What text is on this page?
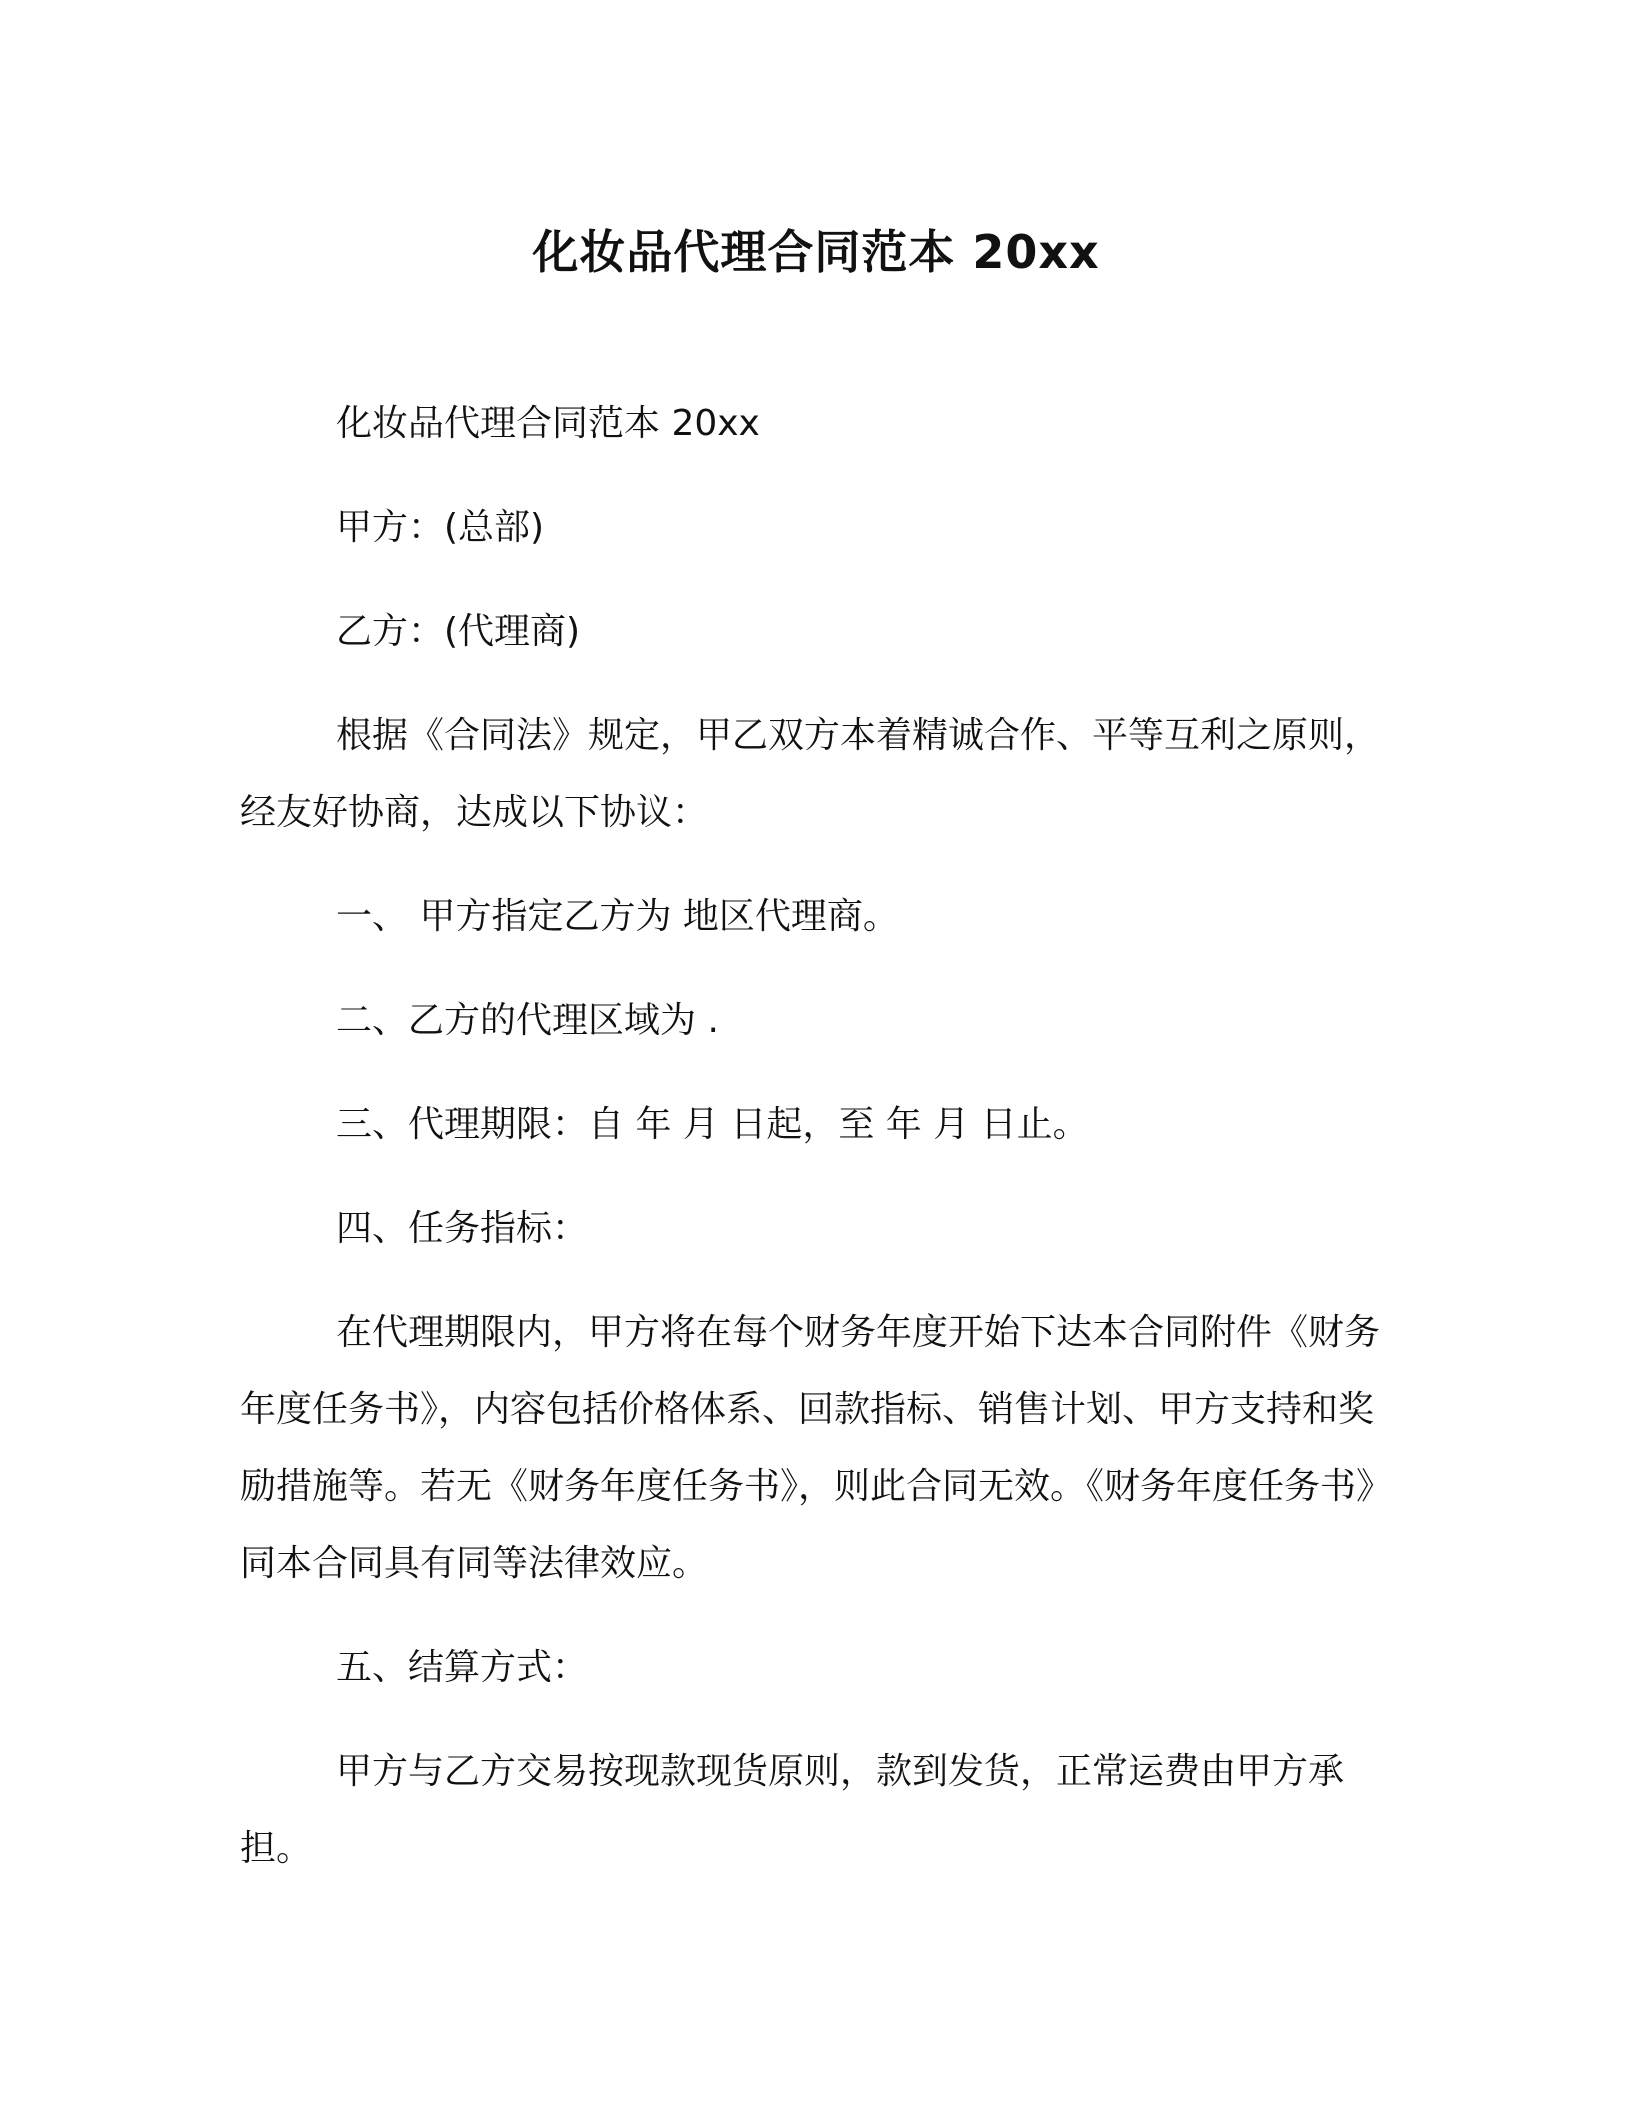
化妆品代理合同范本 20xx

化妆品代理合同范本 20xx

甲方：(总部)

乙方：(代理商)

根据《合同法》规定，甲乙双方本着精诚合作、平等互利之原则，经友好协商，达成以下协议：

一、 甲方指定乙方为 地区代理商。

二、乙方的代理区域为 .

三、代理期限：自 年 月 日起，至 年 月 日止。

四、任务指标：

在代理期限内，甲方将在每个财务年度开始下达本合同附件《财务年度任务书》，内容包括价格体系、回款指标、销售计划、甲方支持和奖励措施等。若无《财务年度任务书》，则此合同无效。《财务年度任务书》同本合同具有同等法律效应。

五、结算方式：

甲方与乙方交易按现款现货原则，款到发货，正常运费由甲方承担。
